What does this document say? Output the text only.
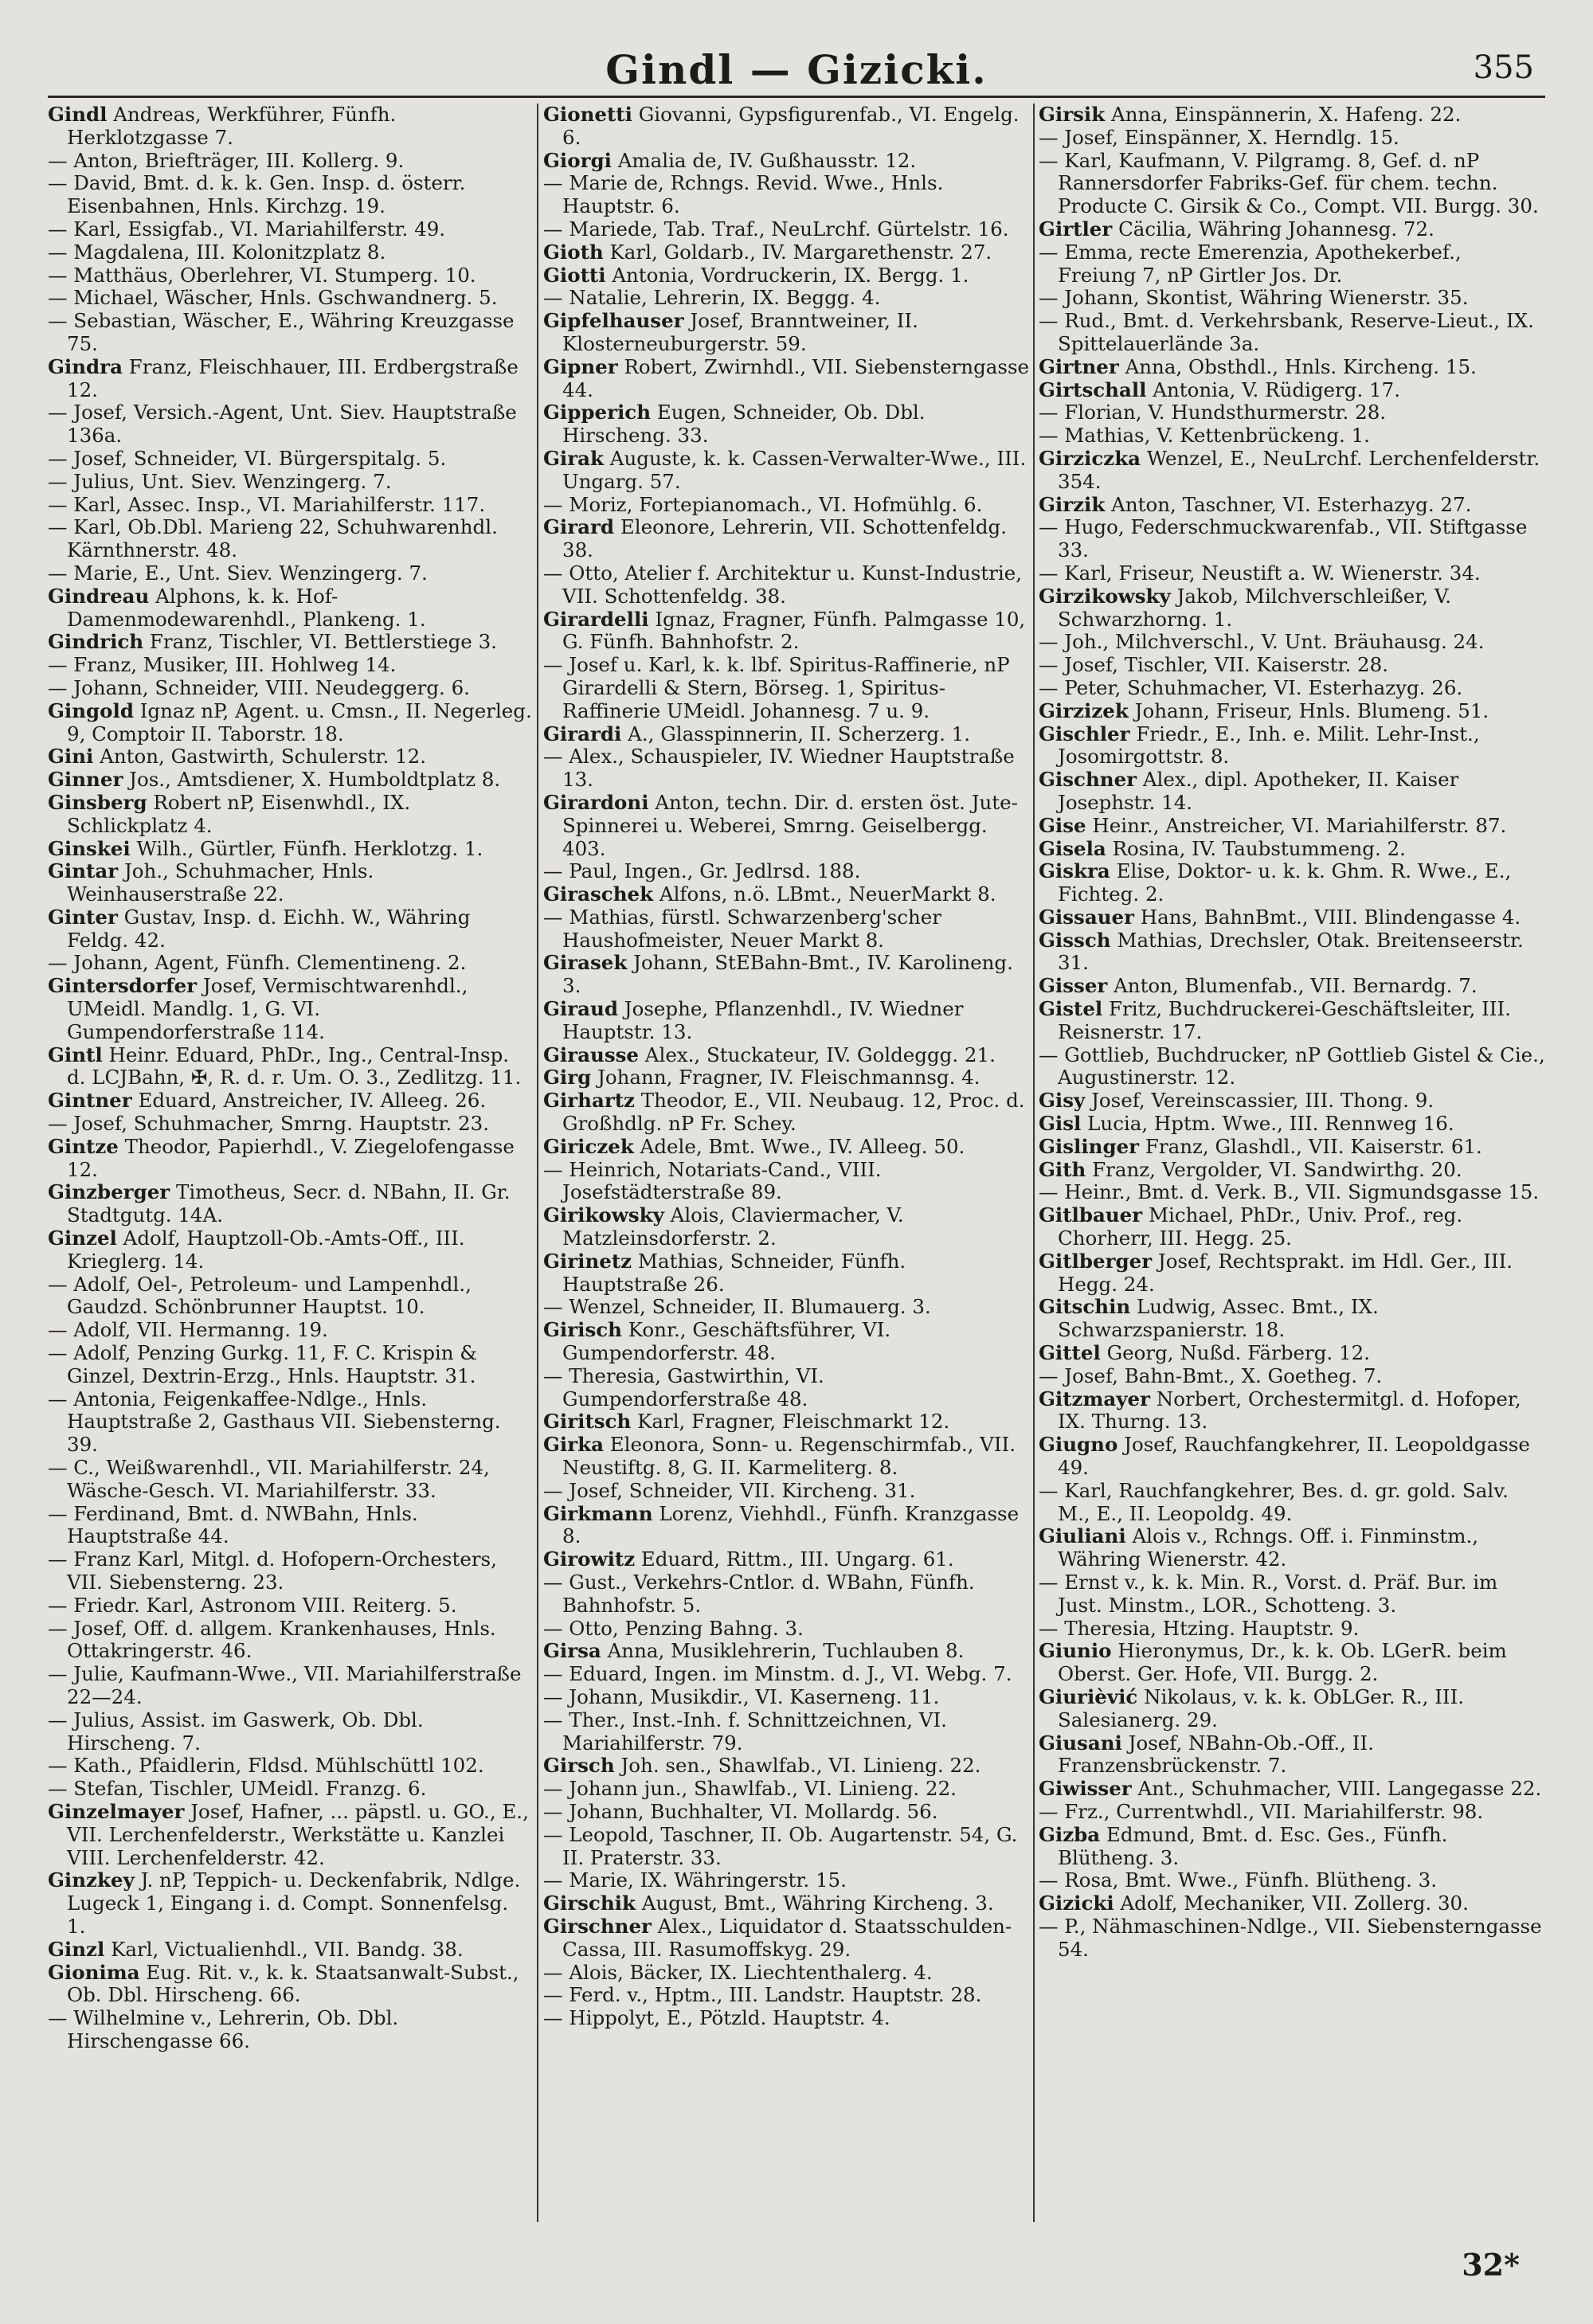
Gindl — Gizicki.	355

Gindl Andreas, Werkführer, Fünfh. Herklotzgasse 7.

— Anton, Briefträger, III. Kollerg. 9.

— David, Bmt. d. k. k. Gen. Insp. d. österr. Eisenbahnen, Hnls. Kirchzg. 19.

— Karl, Essigfab., VI. Mariahilferstr. 49.

— Magdalena, III. Kolonitzplatz 8.

— Matthäus, Oberlehrer, VI. Stumperg. 10.

— Michael, Wäscher, Hnls. Gschwandnerg. 5.

— Sebastian, Wäscher, E., Währing Kreuzgasse 75.

Gindra Franz, Fleischhauer, III. Erdbergstraße 12.

— Josef, Versich.-Agent, Unt. Siev. Hauptstraße 136a.

— Josef, Schneider, VI. Bürgerspitalg. 5.

— Julius, Unt. Siev. Wenzingerg. 7.

— Karl, Assec. Insp., VI. Mariahilferstr. 117.

— Karl, Ob.Dbl. Marieng 22, Schuhwarenhdl. Kärnthnerstr. 48.

— Marie, E., Unt. Siev. Wenzingerg. 7.

Gindreau Alphons, k. k. Hof-Damenmodewarenhdl., Plankeng. 1.

Gindrich Franz, Tischler, VI. Bettlerstiege 3.

— Franz, Musiker, III. Hohlweg 14.

— Johann, Schneider, VIII. Neudeggerg. 6.

Gingold Ignaz nP, Agent. u. Cmsn., II. Negerleg. 9, Comptoir II. Taborstr. 18.

Gini Anton, Gastwirth, Schulerstr. 12.

Ginner Jos., Amtsdiener, X. Humboldtplatz 8.

Ginsberg Robert nP, Eisenwhdl., IX. Schlickplatz 4.

Ginskei Wilh., Gürtler, Fünfh. Herklotzg. 1.

Gintar Joh., Schuhmacher, Hnls. Weinhauserstraße 22.

Ginter Gustav, Insp. d. Eichh. W., Währing Feldg. 42.

— Johann, Agent, Fünfh. Clementineng. 2.

Gintersdorfer Josef, Vermischtwarenhdl., UMeidl. Mandlg. 1, G. VI. Gumpendorferstraße 114.

Gintl Heinr. Eduard, PhDr., Ing., Central-Insp. d. LCJBahn, ✠, R. d. r. Um. O. 3., Zedlitzg. 11.

Gintner Eduard, Anstreicher, IV. Alleeg. 26.

— Josef, Schuhmacher, Smrng. Hauptstr. 23.

Gintze Theodor, Papierhdl., V. Ziegelofengasse 12.

Ginzberger Timotheus, Secr. d. NBahn, II. Gr. Stadtgutg. 14A.

Ginzel Adolf, Hauptzoll-Ob.-Amts-Off., III. Krieglerg. 14.

— Adolf, Oel-, Petroleum- und Lampenhdl., Gaudzd. Schönbrunner Hauptst. 10.

— Adolf, VII. Hermanng. 19.

— Adolf, Penzing Gurkg. 11, F. C. Krispin & Ginzel, Dextrin-Erzg., Hnls. Hauptstr. 31.

— Antonia, Feigenkaffee-Ndlge., Hnls. Hauptstraße 2, Gasthaus VII. Siebensterng. 39.

— C., Weißwarenhdl., VII. Mariahilferstr. 24, Wäsche-Gesch. VI. Mariahilferstr. 33.

— Ferdinand, Bmt. d. NWBahn, Hnls. Hauptstraße 44.

— Franz Karl, Mitgl. d. Hofopern-Orchesters, VII. Siebensterng. 23.

— Friedr. Karl, Astronom VIII. Reiterg. 5.

— Josef, Off. d. allgem. Krankenhauses, Hnls. Ottakringerstr. 46.

— Julie, Kaufmann-Wwe., VII. Mariahilferstraße 22—24.

— Julius, Assist. im Gaswerk, Ob. Dbl. Hirscheng. 7.

— Kath., Pfaidlerin, Fldsd. Mühlschüttl 102.

— Stefan, Tischler, UMeidl. Franzg. 6.

Ginzelmayer Josef, Hafner, ... päpstl. u. GO., E., VII. Lerchenfelderstr., Werkstätte u. Kanzlei VIII. Lerchenfelderstr. 42.

Ginzkey J. nP, Teppich- u. Deckenfabrik, Ndlge. Lugeck 1, Eingang i. d. Compt. Sonnenfelsg. 1.

Ginzl Karl, Victualienhdl., VII. Bandg. 38.

Gionima Eug. Rit. v., k. k. Staatsanwalt-Subst., Ob. Dbl. Hirscheng. 66.

— Wilhelmine v., Lehrerin, Ob. Dbl. Hirschengasse 66.

Gionetti Giovanni, Gypsfigurenfab., VI. Engelg. 6.

Giorgi Amalia de, IV. Gußhausstr. 12.

— Marie de, Rchngs. Revid. Wwe., Hnls. Hauptstr. 6.

— Mariede, Tab. Traf., NeuLrchf. Gürtelstr. 16.

Gioth Karl, Goldarb., IV. Margarethenstr. 27.

Giotti Antonia, Vordruckerin, IX. Bergg. 1.

— Natalie, Lehrerin, IX. Beggg. 4.

Gipfelhauser Josef, Branntweiner, II. Klosterneuburgerstr. 59.

Gipner Robert, Zwirnhdl., VII. Siebensterngasse 44.

Gipperich Eugen, Schneider, Ob. Dbl. Hirscheng. 33.

Girak Auguste, k. k. Cassen-Verwalter-Wwe., III. Ungarg. 57.

— Moriz, Fortepianomach., VI. Hofmühlg. 6.

Girard Eleonore, Lehrerin, VII. Schottenfeldg. 38.

— Otto, Atelier f. Architektur u. Kunst-Industrie, VII. Schottenfeldg. 38.

Girardelli Ignaz, Fragner, Fünfh. Palmgasse 10, G. Fünfh. Bahnhofstr. 2.

— Josef u. Karl, k. k. lbf. Spiritus-Raffinerie, nP Girardelli & Stern, Börseg. 1, Spiritus-Raffinerie UMeidl. Johannesg. 7 u. 9.

Girardi A., Glasspinnerin, II. Scherzerg. 1.

— Alex., Schauspieler, IV. Wiedner Hauptstraße 13.

Girardoni Anton, techn. Dir. d. ersten öst. Jute-Spinnerei u. Weberei, Smrng. Geiselbergg. 403.

— Paul, Ingen., Gr. Jedlrsd. 188.

Giraschek Alfons, n.ö. LBmt., NeuerMarkt 8.

— Mathias, fürstl. Schwarzenberg'scher Haushofmeister, Neuer Markt 8.

Girasek Johann, StEBahn-Bmt., IV. Karolineng. 3.

Giraud Josephe, Pflanzenhdl., IV. Wiedner Hauptstr. 13.

Girausse Alex., Stuckateur, IV. Goldeggg. 21.

Girg Johann, Fragner, IV. Fleischmannsg. 4.

Girhartz Theodor, E., VII. Neubaug. 12, Proc. d. Großhdlg. nP Fr. Schey.

Giriczek Adele, Bmt. Wwe., IV. Alleeg. 50.

— Heinrich, Notariats-Cand., VIII. Josefstädterstraße 89.

Girikowsky Alois, Claviermacher, V. Matzleinsdorferstr. 2.

Girinetz Mathias, Schneider, Fünfh. Hauptstraße 26.

— Wenzel, Schneider, II. Blumauerg. 3.

Girisch Konr., Geschäftsführer, VI. Gumpendorferstr. 48.

— Theresia, Gastwirthin, VI. Gumpendorferstraße 48.

Giritsch Karl, Fragner, Fleischmarkt 12.

Girka Eleonora, Sonn- u. Regenschirmfab., VII. Neustiftg. 8, G. II. Karmeliterg. 8.

— Josef, Schneider, VII. Kircheng. 31.

Girkmann Lorenz, Viehhdl., Fünfh. Kranzgasse 8.

Girowitz Eduard, Rittm., III. Ungarg. 61.

— Gust., Verkehrs-Cntlor. d. WBahn, Fünfh. Bahnhofstr. 5.

— Otto, Penzing Bahng. 3.

Girsa Anna, Musiklehrerin, Tuchlauben 8.

— Eduard, Ingen. im Minstm. d. J., VI. Webg. 7.

— Johann, Musikdir., VI. Kaserneng. 11.

— Ther., Inst.-Inh. f. Schnittzeichnen, VI. Mariahilferstr. 79.

Girsch Joh. sen., Shawlfab., VI. Linieng. 22.

— Johann jun., Shawlfab., VI. Linieng. 22.

— Johann, Buchhalter, VI. Mollardg. 56.

— Leopold, Taschner, II. Ob. Augartenstr. 54, G. II. Praterstr. 33.

— Marie, IX. Währingerstr. 15.

Girschik August, Bmt., Währing Kircheng. 3.

Girschner Alex., Liquidator d. Staatsschulden-Cassa, III. Rasumoffskyg. 29.

— Alois, Bäcker, IX. Liechtenthalerg. 4.

— Ferd. v., Hptm., III. Landstr. Hauptstr. 28.

— Hippolyt, E., Pötzld. Hauptstr. 4.

Girsik Anna, Einspännerin, X. Hafeng. 22.

— Josef, Einspänner, X. Herndlg. 15.

— Karl, Kaufmann, V. Pilgramg. 8, Gef. d. nP Rannersdorfer Fabriks-Gef. für chem. techn. Producte C. Girsik & Co., Compt. VII. Burgg. 30.

Girtler Cäcilia, Währing Johannesg. 72.

— Emma, recte Emerenzia, Apothekerbef., Freiung 7, nP Girtler Jos. Dr.

— Johann, Skontist, Währing Wienerstr. 35.

— Rud., Bmt. d. Verkehrsbank, Reserve-Lieut., IX. Spittelauerlände 3a.

Girtner Anna, Obsthdl., Hnls. Kircheng. 15.

Girtschall Antonia, V. Rüdigerg. 17.

— Florian, V. Hundsthurmerstr. 28.

— Mathias, V. Kettenbrückeng. 1.

Girziczka Wenzel, E., NeuLrchf. Lerchenfelderstr. 354.

Girzik Anton, Taschner, VI. Esterhazyg. 27.

— Hugo, Federschmuckwarenfab., VII. Stiftgasse 33.

— Karl, Friseur, Neustift a. W. Wienerstr. 34.

Girzikowsky Jakob, Milchverschleißer, V. Schwarzhorng. 1.

— Joh., Milchverschl., V. Unt. Bräuhausg. 24.

— Josef, Tischler, VII. Kaiserstr. 28.

— Peter, Schuhmacher, VI. Esterhazyg. 26.

Girzizek Johann, Friseur, Hnls. Blumeng. 51.

Gischler Friedr., E., Inh. e. Milit. Lehr-Inst., Josomirgottstr. 8.

Gischner Alex., dipl. Apotheker, II. Kaiser Josephstr. 14.

Gise Heinr., Anstreicher, VI. Mariahilferstr. 87.

Gisela Rosina, IV. Taubstummeng. 2.

Giskra Elise, Doktor- u. k. k. Ghm. R. Wwe., E., Fichteg. 2.

Gissauer Hans, BahnBmt., VIII. Blindengasse 4.

Gissch Mathias, Drechsler, Otak. Breitenseerstr. 31.

Gisser Anton, Blumenfab., VII. Bernardg. 7.

Gistel Fritz, Buchdruckerei-Geschäftsleiter, III. Reisnerstr. 17.

— Gottlieb, Buchdrucker, nP Gottlieb Gistel & Cie., Augustinerstr. 12.

Gisy Josef, Vereinscassier, III. Thong. 9.

Gisl Lucia, Hptm. Wwe., III. Rennweg 16.

Gislinger Franz, Glashdl., VII. Kaiserstr. 61.

Gith Franz, Vergolder, VI. Sandwirthg. 20.

— Heinr., Bmt. d. Verk. B., VII. Sigmundsgasse 15.

Gitlbauer Michael, PhDr., Univ. Prof., reg. Chorherr, III. Hegg. 25.

Gitlberger Josef, Rechtsprakt. im Hdl. Ger., III. Hegg. 24.

Gitschin Ludwig, Assec. Bmt., IX. Schwarzspanierstr. 18.

Gittel Georg, Nußd. Färberg. 12.

— Josef, Bahn-Bmt., X. Goetheg. 7.

Gitzmayer Norbert, Orchestermitgl. d. Hofoper, IX. Thurng. 13.

Giugno Josef, Rauchfangkehrer, II. Leopoldgasse 49.

— Karl, Rauchfangkehrer, Bes. d. gr. gold. Salv. M., E., II. Leopoldg. 49.

Giuliani Alois v., Rchngs. Off. i. Finminstm., Währing Wienerstr. 42.

— Ernst v., k. k. Min. R., Vorst. d. Präf. Bur. im Just. Minstm., LOR., Schotteng. 3.

— Theresia, Htzing. Hauptstr. 9.

Giunio Hieronymus, Dr., k. k. Ob. LGerR. beim Oberst. Ger. Hofe, VII. Burgg. 2.

Giurièvić Nikolaus, v. k. k. ObLGer. R., III. Salesianerg. 29.

Giusani Josef, NBahn-Ob.-Off., II. Franzensbrückenstr. 7.

Giwisser Ant., Schuhmacher, VIII. Langegasse 22.

— Frz., Currentwhdl., VII. Mariahilferstr. 98.

Gizba Edmund, Bmt. d. Esc. Ges., Fünfh. Blütheng. 3.

— Rosa, Bmt. Wwe., Fünfh. Blütheng. 3.

Gizicki Adolf, Mechaniker, VII. Zollerg. 30.

— P., Nähmaschinen-Ndlge., VII. Siebensterngasse 54.

32*
